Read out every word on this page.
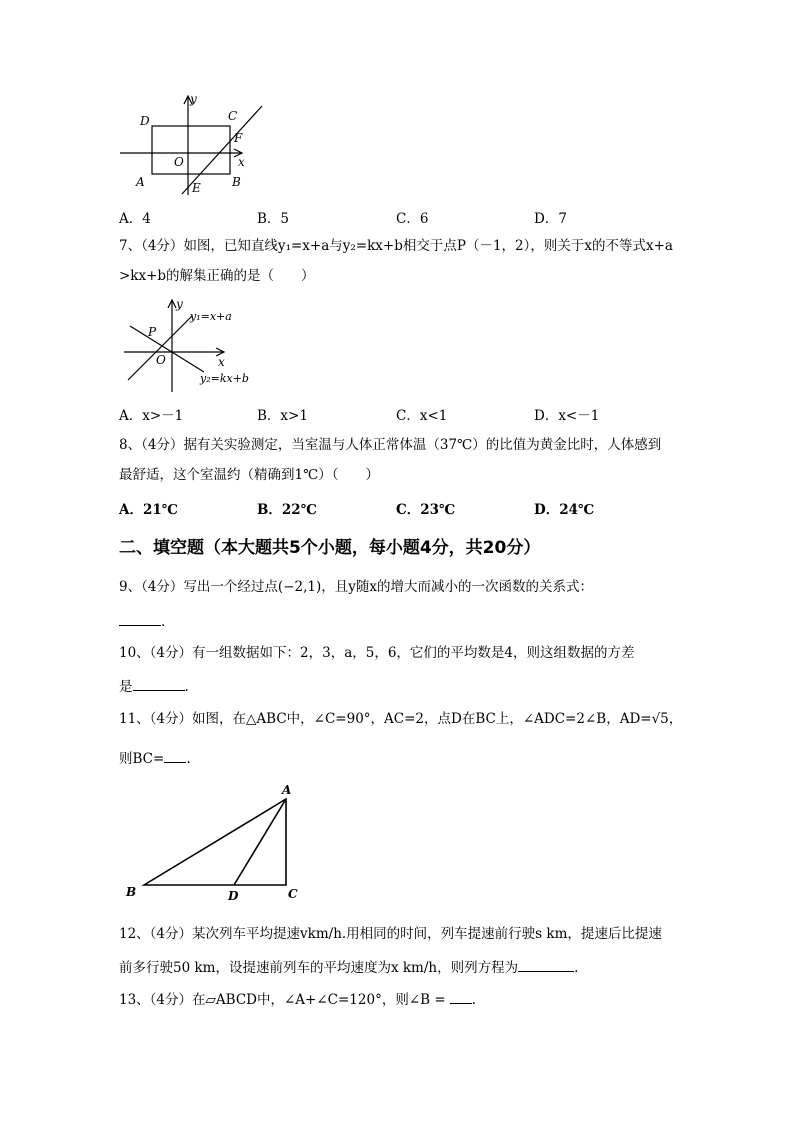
y
x
D	C
F
O
A	E	B
A．4	B．5	C．6	D．7
7、（4分）如图，已知直线y₁=x+a与y₂=kx+b相交于点P（－1，2），则关于x的不等式x+a
>kx+b的解集正确的是（　　）
y
y₁=x+a
P
O	x
y₂=kx+b
A．x>－1	B．x>1	C．x<1	D．x<－1
8、（4分）据有关实验测定，当室温与人体正常体温（37℃）的比值为黄金比时，人体感到
最舒适，这个室温约（精确到1℃）（　　）
A．21℃	B．22℃	C．23℃	D．24℃
二、填空题（本大题共5个小题，每小题4分，共20分）
9、（4分）写出一个经过点(−2,1)，且y随x的增大而减小的一次函数的关系式：
.
10、（4分）有一组数据如下：2，3，a，5，6，它们的平均数是4，则这组数据的方差
是	.
11、（4分）如图，在△ABC中，∠C=90°，AC=2，点D在BC上，∠ADC=2∠B，AD=√5，
则BC= .
A
B	D	C
12、（4分）某次列车平均提速vkm/h.用相同的时间，列车提速前行驶s km，提速后比提速
前多行驶50 km，设提速前列车的平均速度为x km/h，则列方程为	.
13、（4分）在▱ABCD中，∠A+∠C=120°，则∠B = .
